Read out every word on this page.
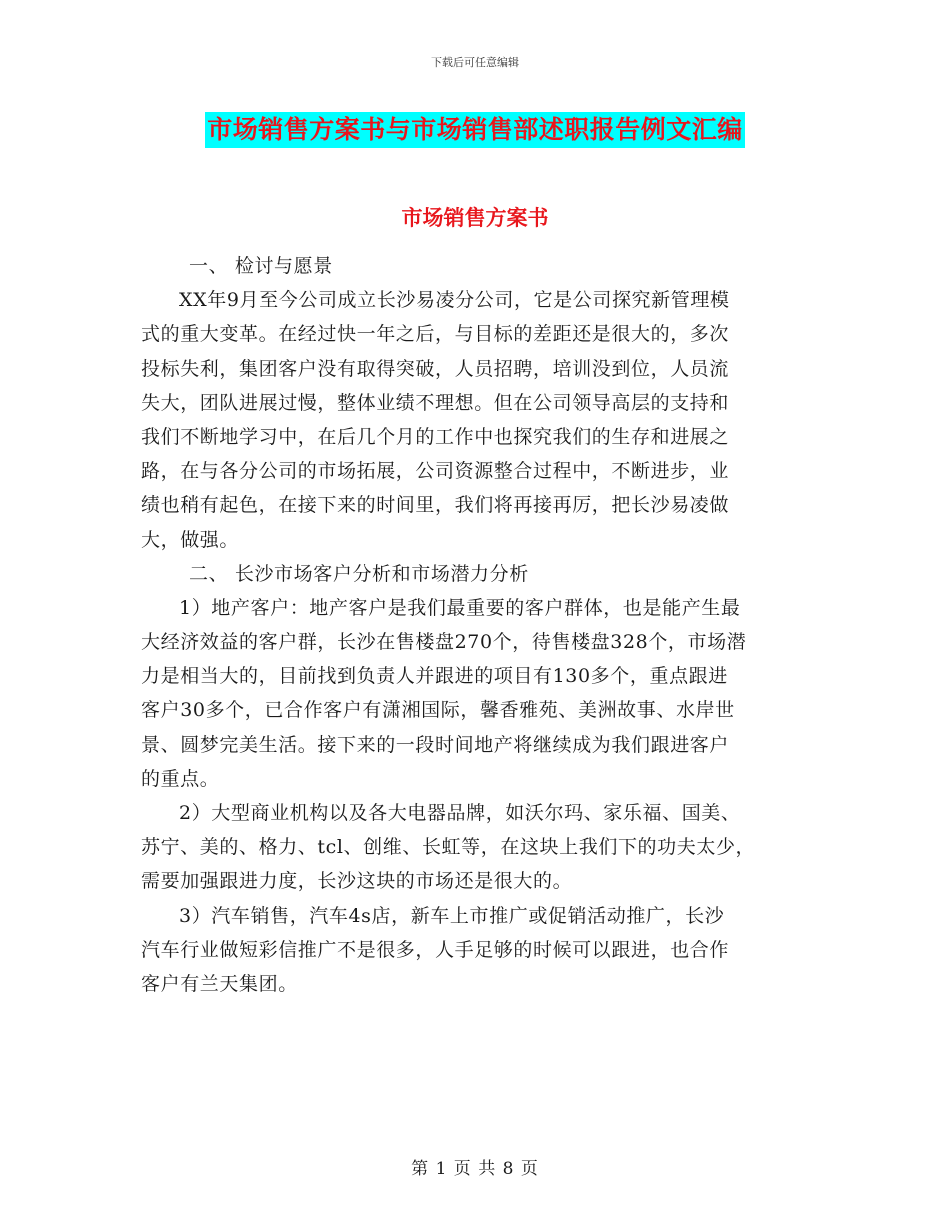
下载后可任意编辑
市场销售方案书与市场销售部述职报告例文汇编
市场销售方案书
一、 检讨与愿景
XX年9月至今公司成立长沙易凌分公司，它是公司探究新管理模
式的重大变革。在经过快一年之后，与目标的差距还是很大的，多次
投标失利，集团客户没有取得突破，人员招聘，培训没到位，人员流
失大，团队进展过慢，整体业绩不理想。但在公司领导高层的支持和
我们不断地学习中，在后几个月的工作中也探究我们的生存和进展之
路，在与各分公司的市场拓展，公司资源整合过程中，不断进步，业
绩也稍有起色，在接下来的时间里，我们将再接再厉，把长沙易凌做
大，做强。
二、 长沙市场客户分析和市场潜力分析
1）地产客户：地产客户是我们最重要的客户群体，也是能产生最
大经济效益的客户群，长沙在售楼盘270个，待售楼盘328个，市场潜
力是相当大的，目前找到负责人并跟进的项目有130多个，重点跟进
客户30多个，已合作客户有潇湘国际，馨香雅苑、美洲故事、水岸世
景、圆梦完美生活。接下来的一段时间地产将继续成为我们跟进客户
的重点。
2）大型商业机构以及各大电器品牌，如沃尔玛、家乐福、国美、
苏宁、美的、格力、tcl、创维、长虹等，在这块上我们下的功夫太少，
需要加强跟进力度，长沙这块的市场还是很大的。
3）汽车销售，汽车4s店，新车上市推广或促销活动推广，长沙
汽车行业做短彩信推广不是很多，人手足够的时候可以跟进，也合作
客户有兰天集团。
第 1 页 共 8 页
